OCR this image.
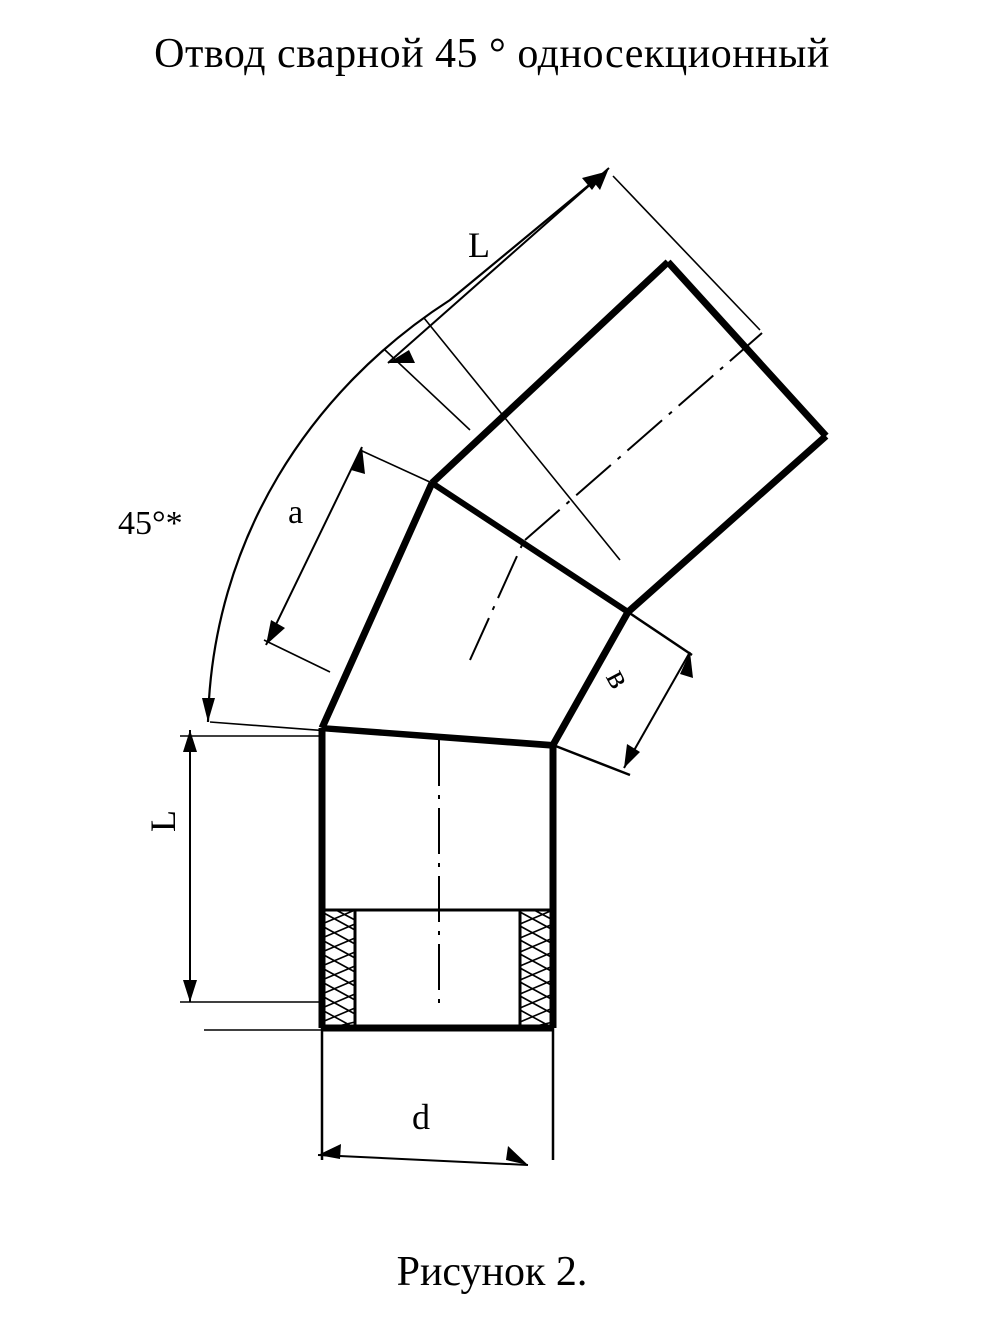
Отвод сварной 45 ° односекционный
45°*
L
a
в
L
d
Рисунок 2.
